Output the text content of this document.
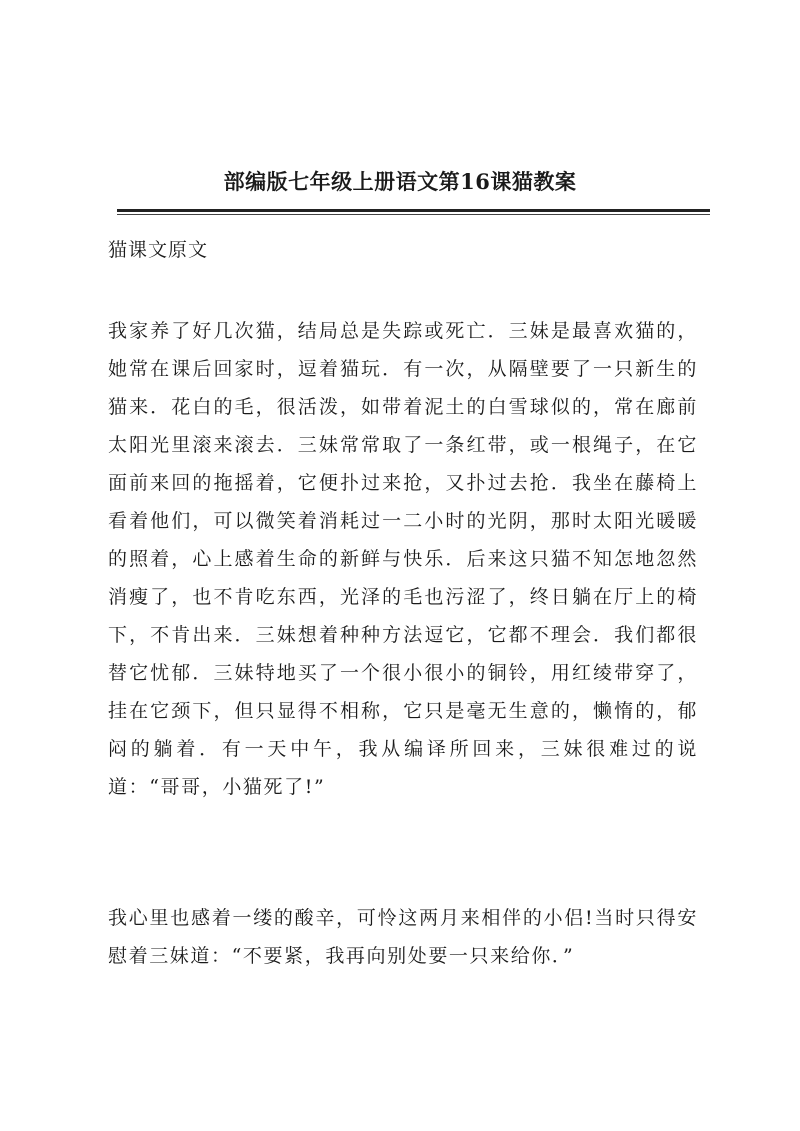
部编版七年级上册语文第16课猫教案

猫课文原文

我家养了好几次猫，结局总是失踪或死亡．三妹是最喜欢猫的，她常在课后回家时，逗着猫玩．有一次，从隔壁要了一只新生的猫来．花白的毛，很活泼，如带着泥土的白雪球似的，常在廊前太阳光里滚来滚去．三妹常常取了一条红带，或一根绳子，在它面前来回的拖摇着，它便扑过来抢，又扑过去抢．我坐在藤椅上看着他们，可以微笑着消耗过一二小时的光阴，那时太阳光暖暖的照着，心上感着生命的新鲜与快乐．后来这只猫不知怎地忽然消瘦了，也不肯吃东西，光泽的毛也污涩了，终日躺在厅上的椅下，不肯出来．三妹想着种种方法逗它，它都不理会．我们都很替它忧郁．三妹特地买了一个很小很小的铜铃，用红绫带穿了，挂在它颈下，但只显得不相称，它只是毫无生意的，懒惰的，郁闷的躺着．有一天中午，我从编译所回来，三妹很难过的说道：“哥哥，小猫死了!”

我心里也感着一缕的酸辛，可怜这两月来相伴的小侣!当时只得安慰着三妹道：“不要紧，我再向别处要一只来给你．”
